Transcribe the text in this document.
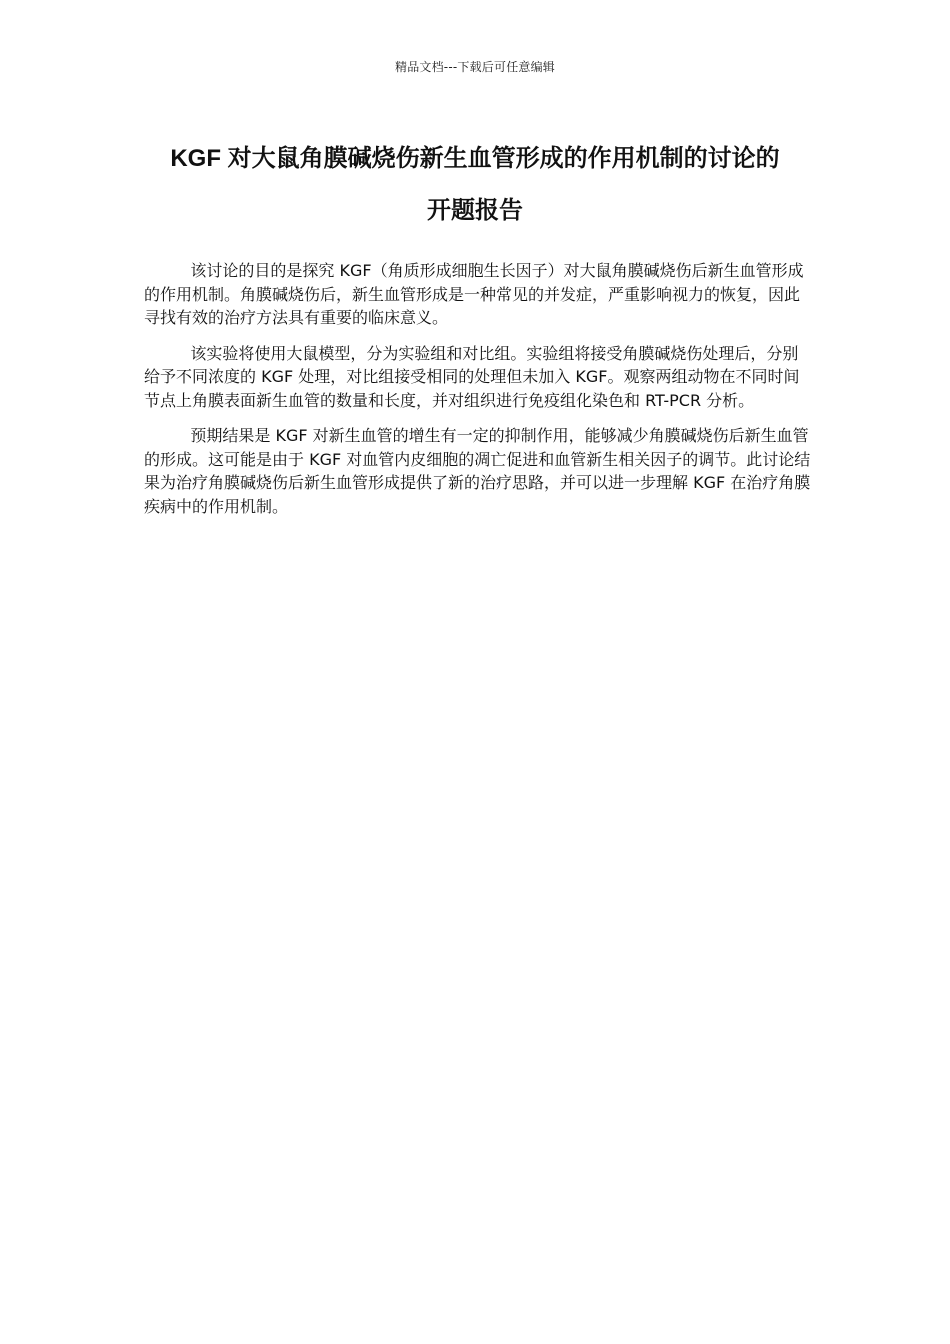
精品文档---下载后可任意编辑
KGF 对大鼠角膜碱烧伤新生血管形成的作用机制的讨论的
开题报告

该讨论的目的是探究 KGF（角质形成细胞生长因子）对大鼠角膜碱烧伤后新生血管形成的作用机制。角膜碱烧伤后，新生血管形成是一种常见的并发症，严重影响视力的恢复，因此寻找有效的治疗方法具有重要的临床意义。

该实验将使用大鼠模型，分为实验组和对比组。实验组将接受角膜碱烧伤处理后，分别给予不同浓度的 KGF 处理，对比组接受相同的处理但未加入 KGF。观察两组动物在不同时间节点上角膜表面新生血管的数量和长度，并对组织进行免疫组化染色和 RT-PCR 分析。

预期结果是 KGF 对新生血管的增生有一定的抑制作用，能够减少角膜碱烧伤后新生血管的形成。这可能是由于 KGF 对血管内皮细胞的凋亡促进和血管新生相关因子的调节。此讨论结果为治疗角膜碱烧伤后新生血管形成提供了新的治疗思路，并可以进一步理解 KGF 在治疗角膜疾病中的作用机制。
